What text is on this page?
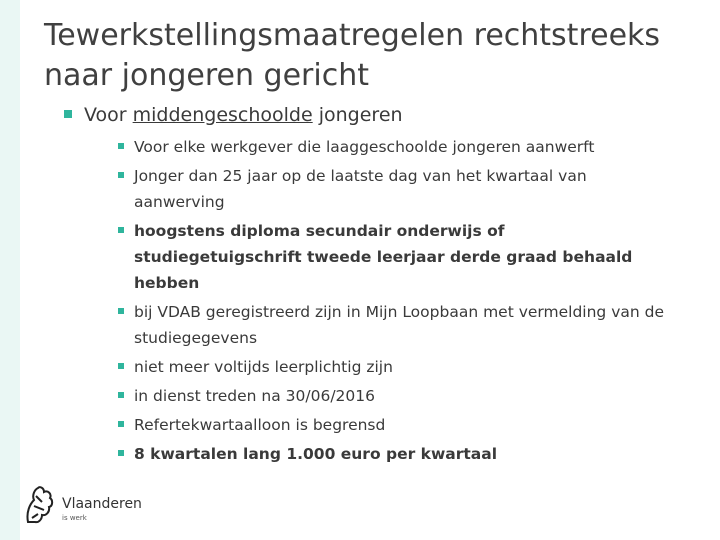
Tewerkstellingsmaatregelen rechtstreeks
naar jongeren gericht
Voor middengeschoolde jongeren
Voor elke werkgever die laaggeschoolde jongeren aanwerft
Jonger dan 25 jaar op de laatste dag van het kwartaal van aanwerving
hoogstens diploma secundair onderwijs of studiegetuigschrift tweede leerjaar derde graad behaald hebben
bij VDAB geregistreerd zijn in Mijn Loopbaan met vermelding van de studiegegevens
niet meer voltijds leerplichtig zijn
in dienst treden na 30/06/2016
Refertekwartaalloon is begrensd
8 kwartalen lang 1.000 euro per kwartaal
Vlaanderen
is werk
